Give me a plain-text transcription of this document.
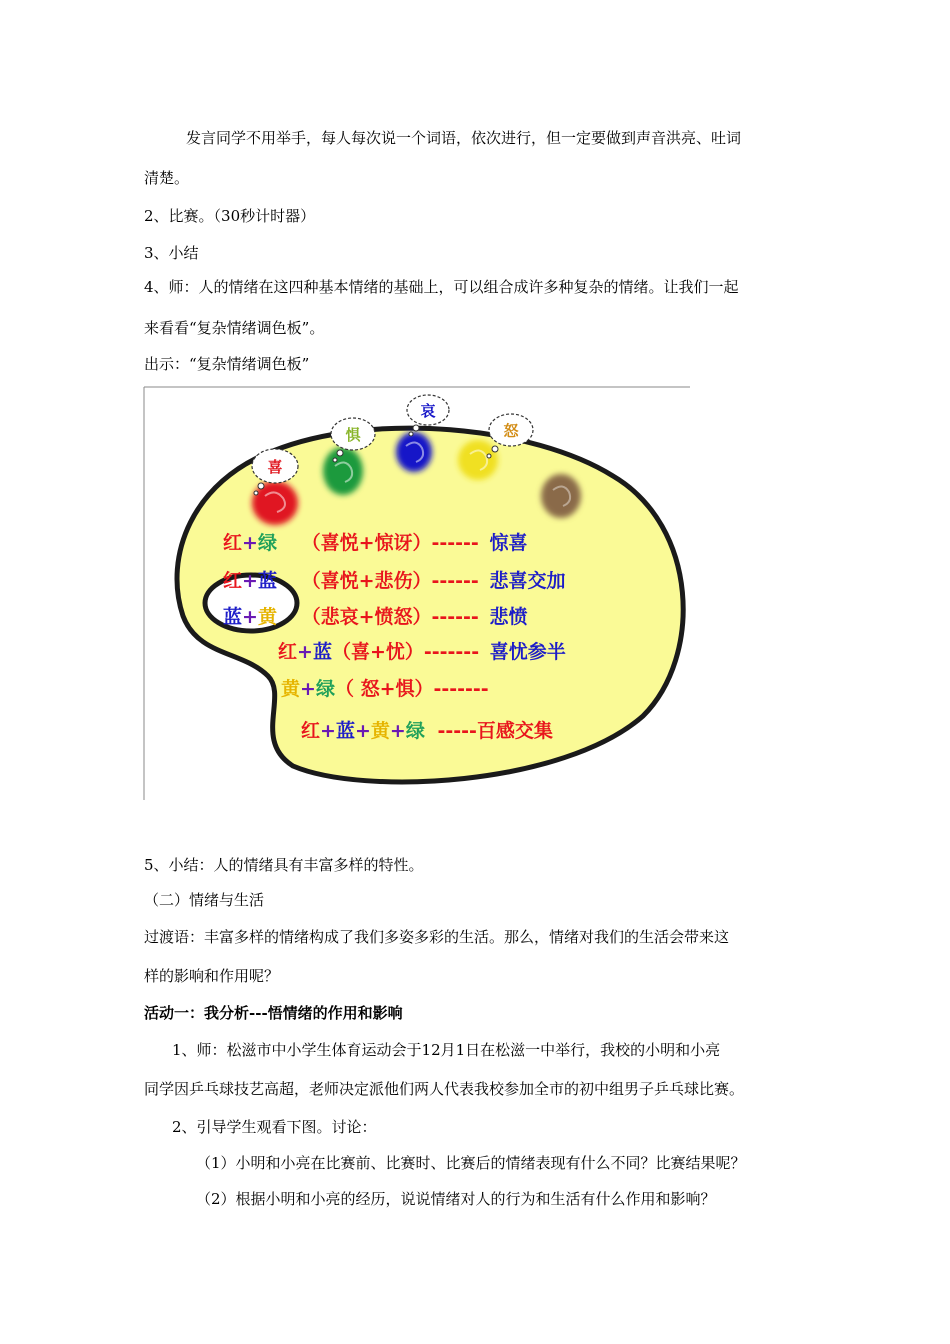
发言同学不用举手，每人每次说一个词语，依次进行，但一定要做到声音洪亮、吐词
清楚。
2、比赛。（30秒计时器）
3、小结
4、师：人的情绪在这四种基本情绪的基础上，可以组合成许多种复杂的情绪。让我们一起
来看看“复杂情绪调色板”。
出示：“复杂情绪调色板”
喜
惧
哀
怒
红+绿 （喜悦+惊讶）------ 惊喜
红+蓝 （喜悦+悲伤）------ 悲喜交加
蓝+黄 （悲哀+愤怒）------ 悲愤
红+蓝（喜+忧）------- 喜忧参半
黄+绿（ 怒+惧）-------
红+蓝+黄+绿 -----百感交集
5、小结：人的情绪具有丰富多样的特性。
（二）情绪与生活
过渡语：丰富多样的情绪构成了我们多姿多彩的生活。那么，情绪对我们的生活会带来这
样的影响和作用呢？
活动一：我分析---悟情绪的作用和影响
1、师：松滋市中小学生体育运动会于12月1日在松滋一中举行，我校的小明和小亮
同学因乒乓球技艺高超，老师决定派他们两人代表我校参加全市的初中组男子乒乓球比赛。
2、引导学生观看下图。讨论：
（1）小明和小亮在比赛前、比赛时、比赛后的情绪表现有什么不同？比赛结果呢？
（2）根据小明和小亮的经历，说说情绪对人的行为和生活有什么作用和影响？
